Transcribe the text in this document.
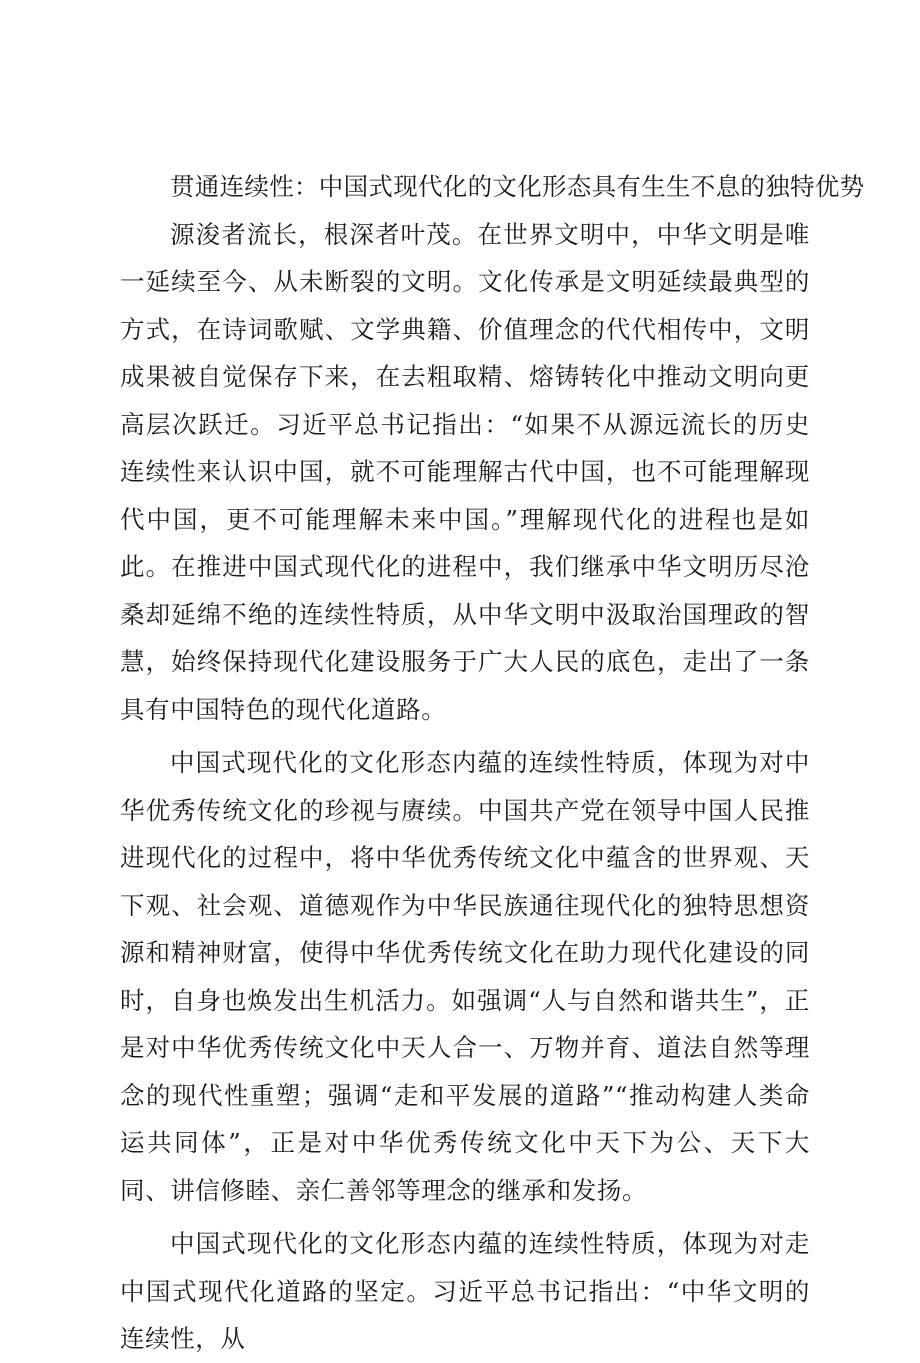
贯通连续性：中国式现代化的文化形态具有生生不息的独特优势

源浚者流长，根深者叶茂。在世界文明中，中华文明是唯一延续至今、从未断裂的文明。文化传承是文明延续最典型的方式，在诗词歌赋、文学典籍、价值理念的代代相传中，文明成果被自觉保存下来，在去粗取精、熔铸转化中推动文明向更高层次跃迁。习近平总书记指出：“如果不从源远流长的历史连续性来认识中国，就不可能理解古代中国，也不可能理解现代中国，更不可能理解未来中国。”理解现代化的进程也是如此。在推进中国式现代化的进程中，我们继承中华文明历尽沧桑却延绵不绝的连续性特质，从中华文明中汲取治国理政的智慧，始终保持现代化建设服务于广大人民的底色，走出了一条具有中国特色的现代化道路。

中国式现代化的文化形态内蕴的连续性特质，体现为对中华优秀传统文化的珍视与赓续。中国共产党在领导中国人民推进现代化的过程中，将中华优秀传统文化中蕴含的世界观、天下观、社会观、道德观作为中华民族通往现代化的独特思想资源和精神财富，使得中华优秀传统文化在助力现代化建设的同时，自身也焕发出生机活力。如强调“人与自然和谐共生”，正是对中华优秀传统文化中天人合一、万物并育、道法自然等理念的现代性重塑；强调“走和平发展的道路”“推动构建人类命运共同体”，正是对中华优秀传统文化中天下为公、天下大同、讲信修睦、亲仁善邻等理念的继承和发扬。

中国式现代化的文化形态内蕴的连续性特质，体现为对走中国式现代化道路的坚定。习近平总书记指出：“中华文明的连续性，从
